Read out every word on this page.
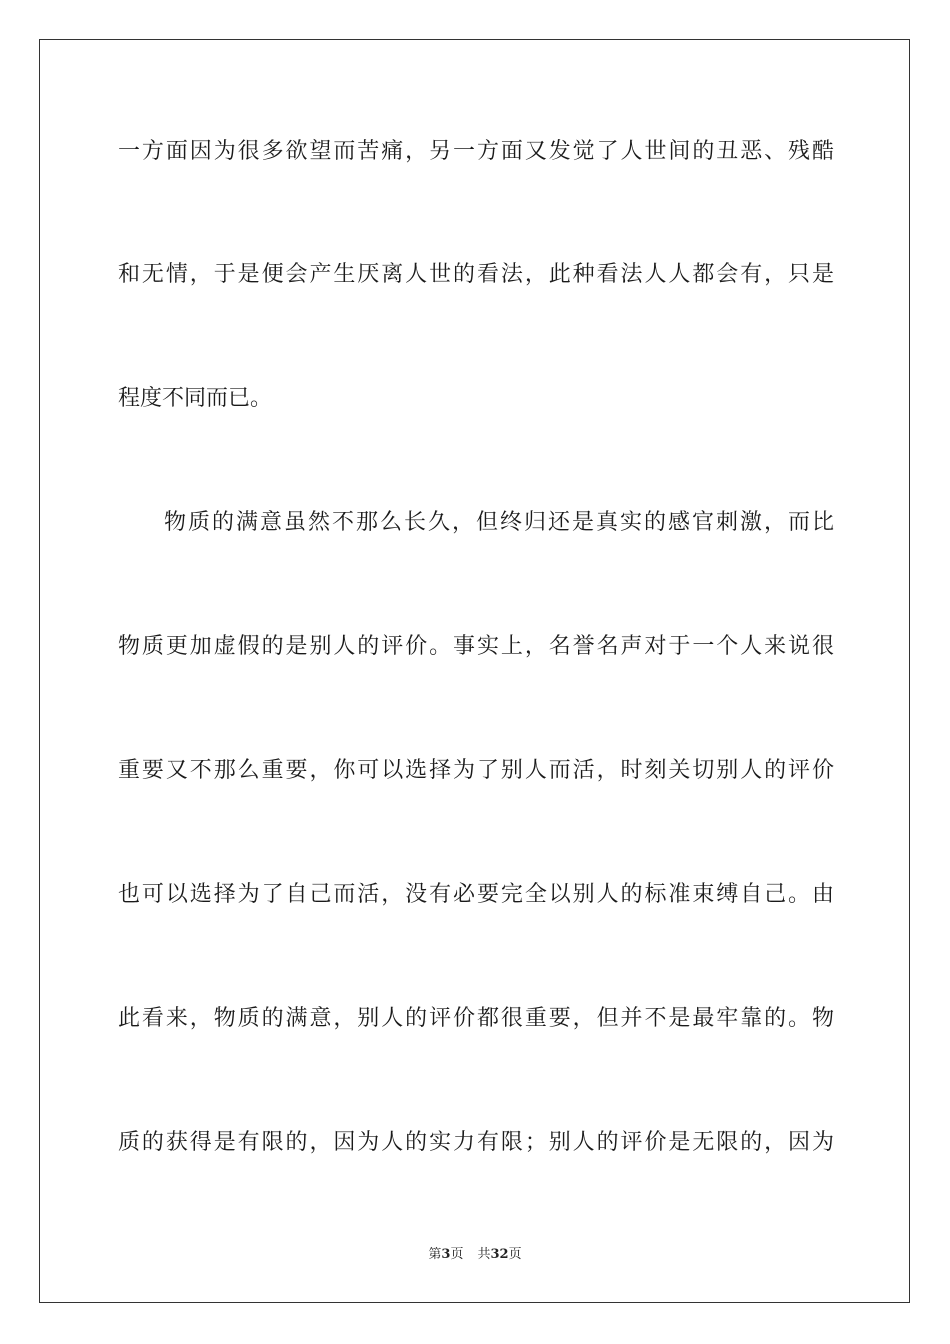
一方面因为很多欲望而苦痛，另一方面又发觉了人世间的丑恶、残酷
和无情，于是便会产生厌离人世的看法，此种看法人人都会有，只是
程度不同而已。
物质的满意虽然不那么长久，但终归还是真实的感官刺激，而比
物质更加虚假的是别人的评价。事实上，名誉名声对于一个人来说很
重要又不那么重要，你可以选择为了别人而活，时刻关切别人的评价
也可以选择为了自己而活，没有必要完全以别人的标准束缚自己。由
此看来，物质的满意，别人的评价都很重要，但并不是最牢靠的。物
质的获得是有限的，因为人的实力有限；别人的评价是无限的，因为
第3页 共32页
